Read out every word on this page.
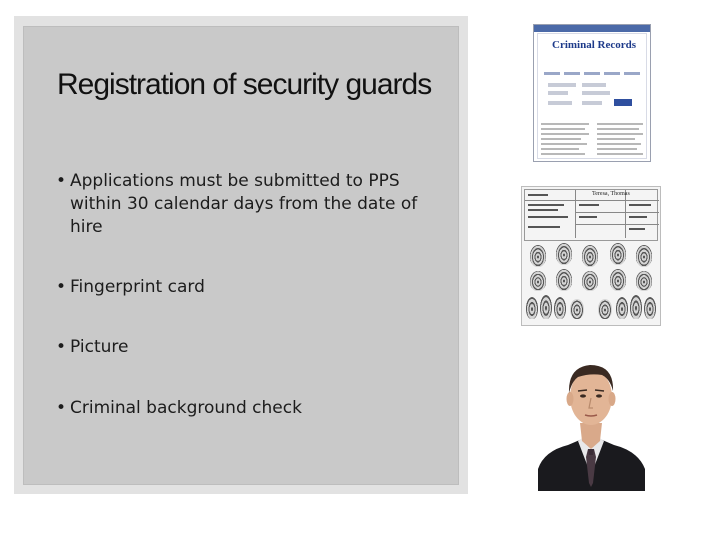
Registration of security guards
• Applications must be submitted to PPS within 30 calendar days from the date of hire
• Fingerprint card
• Picture
• Criminal background check
Criminal Records
Teresa, Thomas
